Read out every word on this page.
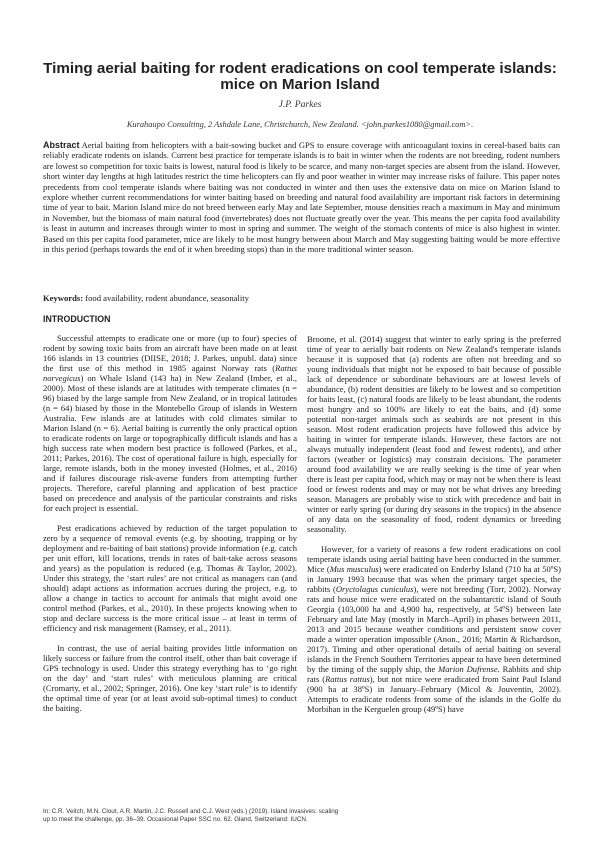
Timing aerial baiting for rodent eradications on cool temperate islands: mice on Marion Island
J.P. Parkes
Kurahaupo Consulting, 2 Ashdale Lane, Christchurch, New Zealand. <john.parkes1080@gmail.com>.
Abstract Aerial baiting from helicopters with a bait-sowing bucket and GPS to ensure coverage with anticoagulant toxins in cereal-based baits can reliably eradicate rodents on islands. Current best practice for temperate islands is to bait in winter when the rodents are not breeding, rodent numbers are lowest so competition for toxic baits is lowest, natural food is likely to be scarce, and many non-target species are absent from the island. However, short winter day lengths at high latitudes restrict the time helicopters can fly and poor weather in winter may increase risks of failure. This paper notes precedents from cool temperate islands where baiting was not conducted in winter and then uses the extensive data on mice on Marion Island to explore whether current recommendations for winter baiting based on breeding and natural food availability are important risk factors in determining time of year to bait. Marion Island mice do not breed between early May and late September, mouse densities reach a maximum in May and minimum in November, but the biomass of main natural food (invertebrates) does not fluctuate greatly over the year. This means the per capita food availability is least in autumn and increases through winter to most in spring and summer. The weight of the stomach contents of mice is also highest in winter. Based on this per capita food parameter, mice are likely to be most hungry between about March and May suggesting baiting would be more effective in this period (perhaps towards the end of it when breeding stops) than in the more traditional winter season.
Keywords: food availability, rodent abundance, seasonality
INTRODUCTION

Successful attempts to eradicate one or more (up to four) species of rodent by sowing toxic baits from an aircraft have been made on at least 166 islands in 13 countries (DIISE, 2018; J. Parkes, unpubl. data) since the first use of this method in 1985 against Norway rats (Rattus norvegicus) on Whale Island (143 ha) in New Zealand (Imber, et al., 2000). Most of these islands are at latitudes with temperate climates (n = 96) biased by the large sample from New Zealand, or in tropical latitudes (n = 64) biased by those in the Montebello Group of islands in Western Australia. Few islands are at latitudes with cold climates similar to Marion Island (n = 6). Aerial baiting is currently the only practical option to eradicate rodents on large or topographically difficult islands and has a high success rate when modern best practice is followed (Parkes, et al., 2011; Parkes, 2016). The cost of operational failure is high, especially for large, remote islands, both in the money invested (Holmes, et al., 2016) and if failures discourage risk-averse funders from attempting further projects. Therefore, careful planning and application of best practice based on precedence and analysis of the particular constraints and risks for each project is essential.

Pest eradications achieved by reduction of the target population to zero by a sequence of removal events (e.g. by shooting, trapping or by deployment and re-baiting of bait stations) provide information (e.g. catch per unit effort, kill locations, trends in rates of bait-take across seasons and years) as the population is reduced (e.g. Thomas & Taylor, 2002). Under this strategy, the ‘start rules’ are not critical as managers can (and should) adapt actions as information accrues during the project, e.g. to allow a change in tactics to account for animals that might avoid one control method (Parkes, et al., 2010). In these projects knowing when to stop and declare success is the more critical issue – at least in terms of efficiency and risk management (Ramsey, et al., 2011).

In contrast, the use of aerial baiting provides little information on likely success or failure from the control itself, other than bait coverage if GPS technology is used. Under this strategy everything has to ‘go right on the day’ and ‘start rules’ with meticulous planning are critical (Cromarty, et al., 2002; Springer, 2016). One key ‘start rule’ is to identify the optimal time of year (or at least avoid sub-optimal times) to conduct the baiting.

Broome, et al. (2014) suggest that winter to early spring is the preferred time of year to aerially bait rodents on New Zealand's temperate islands because it is supposed that (a) rodents are often not breeding and so young individuals that might not be exposed to bait because of possible lack of dependence or subordinate behaviours are at lowest levels of abundance, (b) rodent densities are likely to be lowest and so competition for baits least, (c) natural foods are likely to be least abundant, the rodents most hungry and so 100% are likely to eat the baits, and (d) some potential non-target animals such as seabirds are not present in this season. Most rodent eradication projects have followed this advice by baiting in winter for temperate islands. However, these factors are not always mutually independent (least food and fewest rodents), and other factors (weather or logistics) may constrain decisions. The parameter around food availability we are really seeking is the time of year when there is least per capita food, which may or may not be when there is least food or fewest rodents and may or may not be what drives any breeding season. Managers are probably wise to stick with precedence and bait in winter or early spring (or during dry seasons in the tropics) in the absence of any data on the seasonality of food, rodent dynamics or breeding seasonality.

However, for a variety of reasons a few rodent eradications on cool temperate islands using aerial baiting have been conducted in the summer. Mice (Mus musculus) were eradicated on Enderby Island (710 ha at 50ºS) in January 1993 because that was when the primary target species, the rabbits (Oryctolagus cuniculus), were not breeding (Torr, 2002). Norway rats and house mice were eradicated on the subantarctic island of South Georgia (103,000 ha and 4,900 ha, respectively, at 54ºS) between late February and late May (mostly in March–April) in phases between 2011, 2013 and 2015 because weather conditions and persistent snow cover made a winter operation impossible (Anon., 2016; Martin & Richardson, 2017). Timing and other operational details of aerial baiting on several islands in the French Southern Territories appear to have been determined by the timing of the supply ship, the Marion Dufrense. Rabbits and ship rats (Rattus rattus), but not mice were eradicated from Saint Paul Island (900 ha at 38ºS) in January–February (Micol & Jouventin, 2002). Attempts to eradicate rodents from some of the islands in the Golfe du Morbihan in the Kerguelen group (49ºS) have

In: C.R. Veitch, M.N. Clout, A.R. Martin, J.C. Russell and C.J. West (eds.) (2019). Island invasives: scaling
up to meet the challenge, pp. 36–39. Occasional Paper SSC no. 62. Gland, Switzerland: IUCN.
